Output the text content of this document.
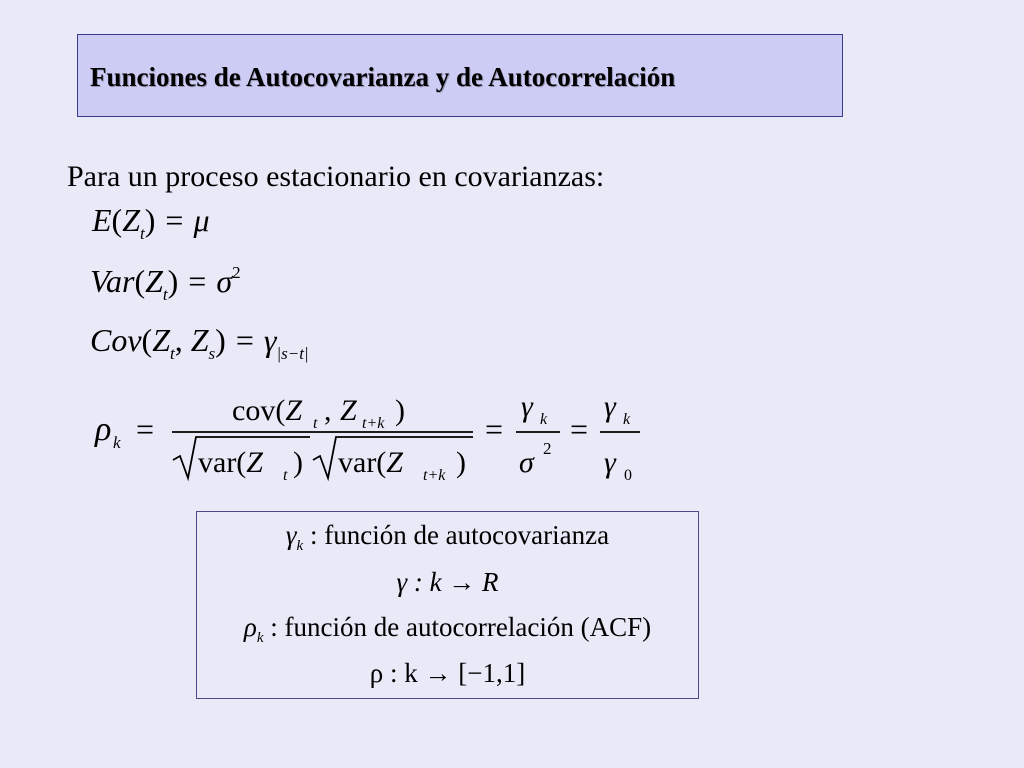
Funciones de Autocovarianza y de Autocorrelación
Para un proceso estacionario en covarianzas:
$E(Z_t) = \mu$
$Var(Z_t) = \sigma^2$
$Cov(Z_t$, $Z_s) = \gamma_{|s-t|}$
ρ k =
cov(Z t , Z t+k )
var(Z t ) var(Z t+k )
=
γ k
σ 2
=
γ k
γ 0
$\gamma_k$ : función de autocovarianza
γ : k → R
$\rho_k$ : función de autocorrelación (ACF)
ρ : k → [−1,1]
